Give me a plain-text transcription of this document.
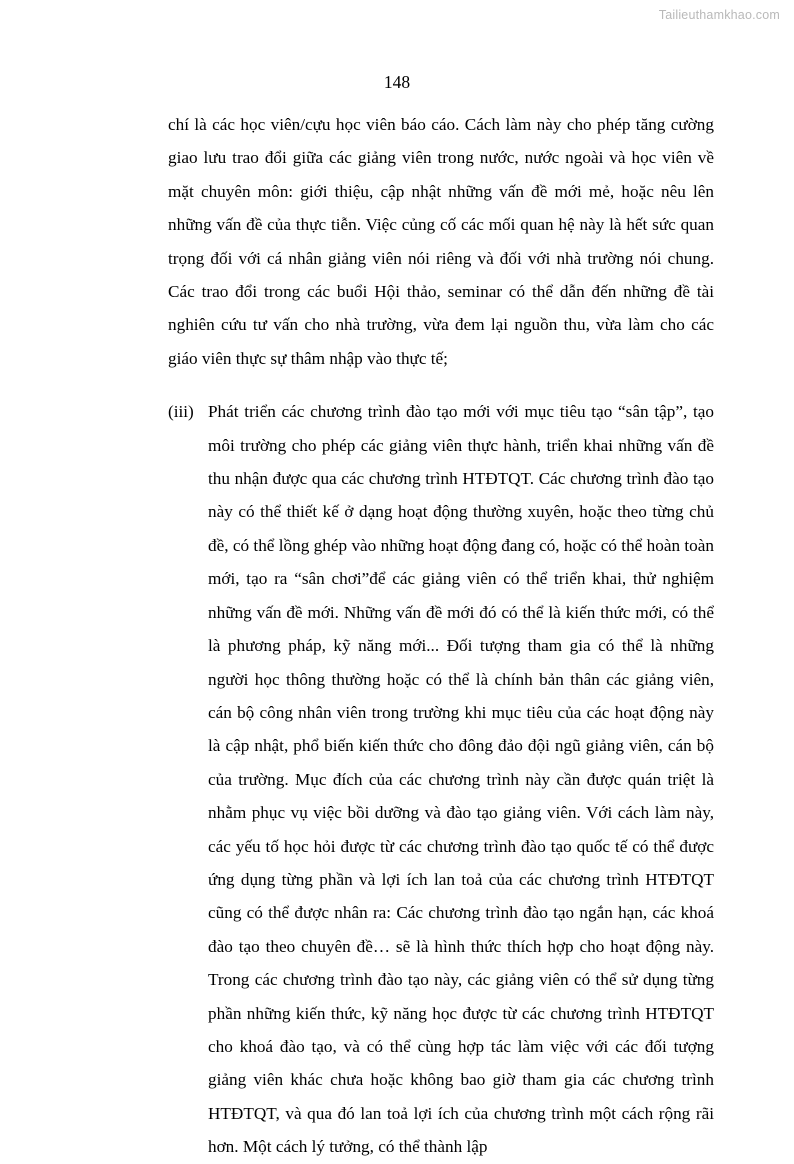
Tailieuthamkhao.com
148

chí là các học viên/cựu học viên báo cáo. Cách làm này cho phép tăng cường giao lưu trao đổi giữa các giảng viên trong nước, nước ngoài và học viên về mặt chuyên môn: giới thiệu, cập nhật những vấn đề mới mẻ, hoặc nêu lên những vấn đề của thực tiễn. Việc củng cố các mối quan hệ này là hết sức quan trọng đối với cá nhân giảng viên nói riêng và đối với nhà trường nói chung. Các trao đổi trong các buổi Hội thảo, seminar có thể dẫn đến những đề tài nghiên cứu tư vấn cho nhà trường, vừa đem lại nguồn thu, vừa làm cho các giáo viên thực sự thâm nhập vào thực tế;

(iii) Phát triển các chương trình đào tạo mới với mục tiêu tạo “sân tập”, tạo môi trường cho phép các giảng viên thực hành, triển khai những vấn đề thu nhận được qua các chương trình HTĐTQT. Các chương trình đào tạo này có thể thiết kế ở dạng hoạt động thường xuyên, hoặc theo từng chủ đề, có thể lồng ghép vào những hoạt động đang có, hoặc có thể hoàn toàn mới, tạo ra “sân chơi”để các giảng viên có thể triển khai, thử nghiệm những vấn đề mới. Những vấn đề mới đó có thể là kiến thức mới, có thể là phương pháp, kỹ năng mới... Đối tượng tham gia có thể là những người học thông thường hoặc có thể là chính bản thân các giảng viên, cán bộ công nhân viên trong trường khi mục tiêu của các hoạt động này là cập nhật, phổ biến kiến thức cho đông đảo đội ngũ giảng viên, cán bộ của trường. Mục đích của các chương trình này cần được quán triệt là nhằm phục vụ việc bồi dưỡng và đào tạo giảng viên. Với cách làm này, các yếu tố học hỏi được từ các chương trình đào tạo quốc tế có thể được ứng dụng từng phần và lợi ích lan toả của các chương trình HTĐTQT cũng có thể được nhân ra: Các chương trình đào tạo ngắn hạn, các khoá đào tạo theo chuyên đề… sẽ là hình thức thích hợp cho hoạt động này. Trong các chương trình đào tạo này, các giảng viên có thể sử dụng từng phần những kiến thức, kỹ năng học được từ các chương trình HTĐTQT cho khoá đào tạo, và có thể cùng hợp tác làm việc với các đối tượng giảng viên khác chưa hoặc không bao giờ tham gia các chương trình HTĐTQT, và qua đó lan toả lợi ích của chương trình một cách rộng rãi hơn. Một cách lý tưởng, có thể thành lập
